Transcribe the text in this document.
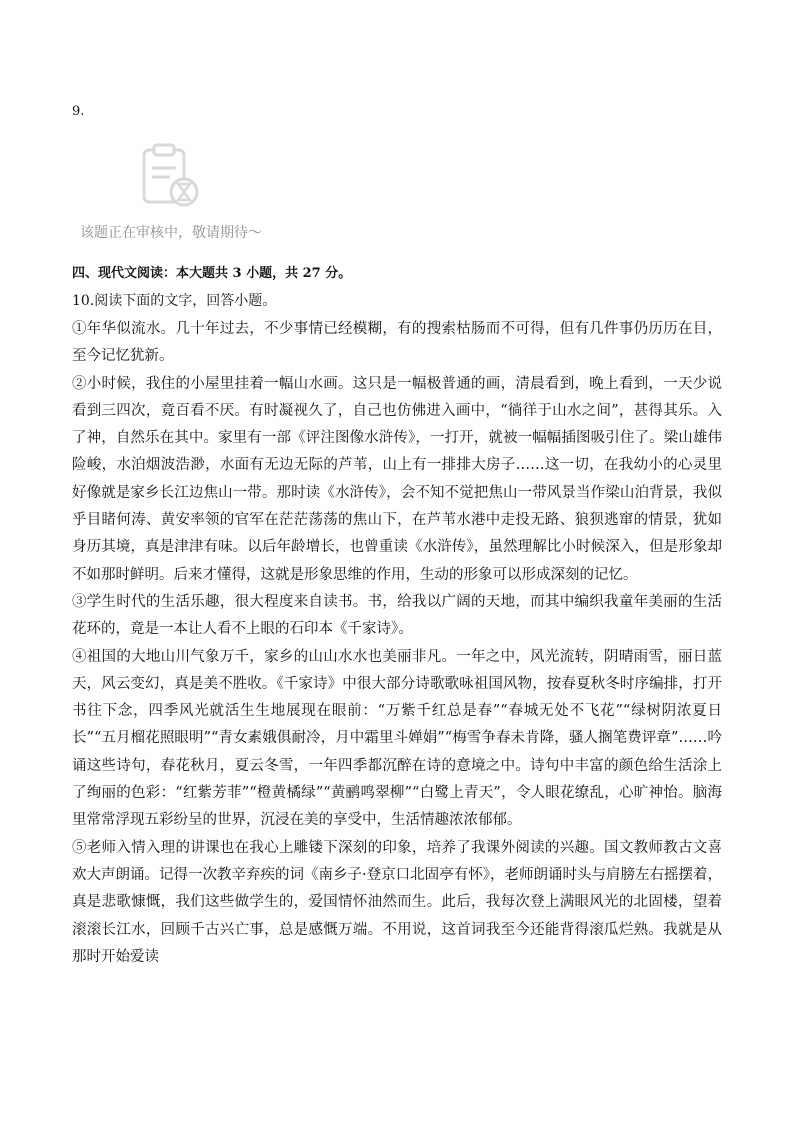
9.
该题正在审核中，敬请期待～
四、现代文阅读：本大题共 3 小题，共 27 分。
10.阅读下面的文字，回答小题。

①年华似流水。几十年过去，不少事情已经模糊，有的搜索枯肠而不可得，但有几件事仍历历在目，至今记忆犹新。

②小时候，我住的小屋里挂着一幅山水画。这只是一幅极普通的画，清晨看到，晚上看到，一天少说看到三四次，竟百看不厌。有时凝视久了，自己也仿佛进入画中，“徜徉于山水之间”，甚得其乐。入了神，自然乐在其中。家里有一部《评注图像水浒传》，一打开，就被一幅幅插图吸引住了。梁山雄伟险峻，水泊烟波浩渺，水面有无边无际的芦苇，山上有一排排大房子……这一切，在我幼小的心灵里好像就是家乡长江边焦山一带。那时读《水浒传》，会不知不觉把焦山一带风景当作梁山泊背景，我似乎目睹何涛、黄安率领的官军在茫茫荡荡的焦山下，在芦苇水港中走投无路、狼狈逃窜的情景，犹如身历其境，真是津津有味。以后年龄增长，也曾重读《水浒传》，虽然理解比小时候深入，但是形象却不如那时鲜明。后来才懂得，这就是形象思维的作用，生动的形象可以形成深刻的记忆。

③学生时代的生活乐趣，很大程度来自读书。书，给我以广阔的天地，而其中编织我童年美丽的生活花环的，竟是一本让人看不上眼的石印本《千家诗》。

④祖国的大地山川气象万千，家乡的山山水水也美丽非凡。一年之中，风光流转，阴晴雨雪，丽日蓝天，风云变幻，真是美不胜收。《千家诗》中很大部分诗歌歌咏祖国风物，按春夏秋冬时序编排，打开书往下念，四季风光就活生生地展现在眼前：“万紫千红总是春”“春城无处不飞花”“绿树阴浓夏日长”“五月榴花照眼明”“青女素娥俱耐冷，月中霜里斗婵娟”“梅雪争春未肯降，骚人搁笔费评章”……吟诵这些诗句，春花秋月，夏云冬雪，一年四季都沉醉在诗的意境之中。诗句中丰富的颜色给生活涂上了绚丽的色彩：“红紫芳菲”“橙黄橘绿”“黄鹂鸣翠柳”“白鹭上青天”，令人眼花缭乱，心旷神怡。脑海里常常浮现五彩纷呈的世界，沉浸在美的享受中，生活情趣浓浓郁郁。

⑤老师入情入理的讲课也在我心上雕镂下深刻的印象，培养了我课外阅读的兴趣。国文教师教古文喜欢大声朗诵。记得一次教辛弃疾的词《南乡子·登京口北固亭有怀》，老师朗诵时头与肩膀左右摇摆着，真是悲歌慷慨，我们这些做学生的，爱国情怀油然而生。此后，我每次登上满眼风光的北固楼，望着滚滚长江水，回顾千古兴亡事，总是感慨万端。不用说，这首词我至今还能背得滚瓜烂熟。我就是从那时开始爱读
